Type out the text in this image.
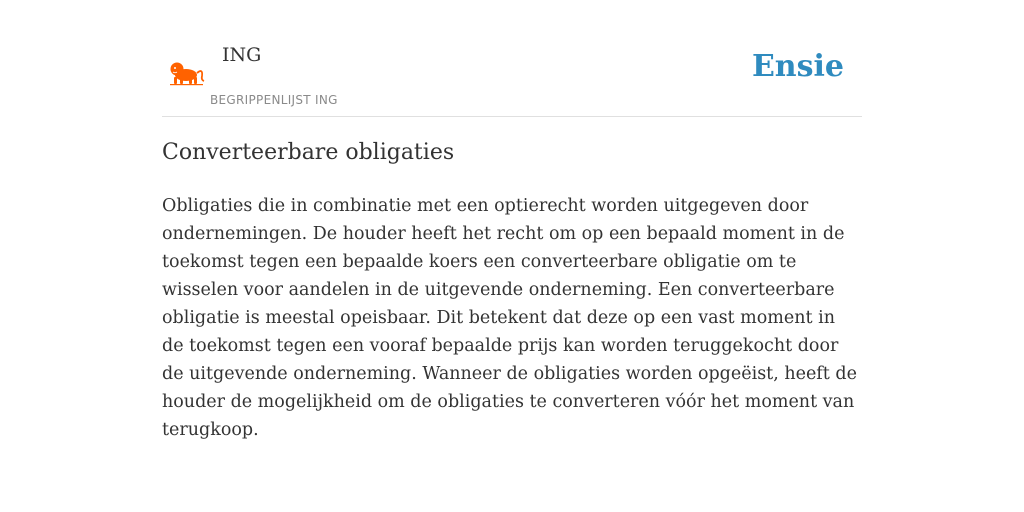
ING
BEGRIPPENLIJST ING
Ensie
Converteerbare obligaties

Obligaties die in combinatie met een optierecht worden uitgegeven door ondernemingen. De houder heeft het recht om op een bepaald moment in de toekomst tegen een bepaalde koers een converteerbare obligatie om te wisselen voor aandelen in de uitgevende onderneming. Een converteerbare obligatie is meestal opeisbaar. Dit betekent dat deze op een vast moment in de toekomst tegen een vooraf bepaalde prijs kan worden teruggekocht door de uitgevende onderneming. Wanneer de obligaties worden opgeëist, heeft de houder de mogelijkheid om de obligaties te converteren vóór het moment van terugkoop.
